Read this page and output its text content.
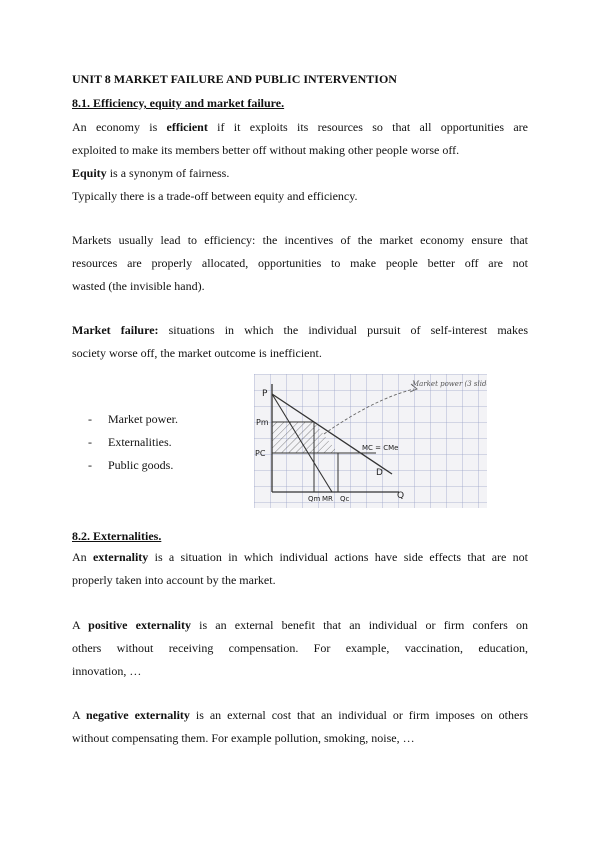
UNIT 8 MARKET FAILURE AND PUBLIC INTERVENTION
8.1. Efficiency, equity and market failure.
An economy is efficient if it exploits its resources so that all opportunities are
exploited to make its members better off without making other people worse off.
Equity is a synonym of fairness.
Typically there is a trade-off between equity and efficiency.
Markets usually lead to efficiency: the incentives of the market economy ensure that
resources are properly allocated, opportunities to make people better off are not
wasted (the invisible hand).
Market failure: situations in which the individual pursuit of self-interest makes
society worse off, the market outcome is inefficient.
- Market power.
- Externalities.
- Public goods.
P
Pm
PC
MC = CMe
D
MR
Qm	Qc	Q
Market power (3 slide)
8.2. Externalities.
An externality is a situation in which individual actions have side effects that are not
properly taken into account by the market.
A positive externality is an external benefit that an individual or firm confers on
others without receiving compensation. For example, vaccination, education,
innovation, …
A negative externality is an external cost that an individual or firm imposes on others
without compensating them. For example pollution, smoking, noise, …
